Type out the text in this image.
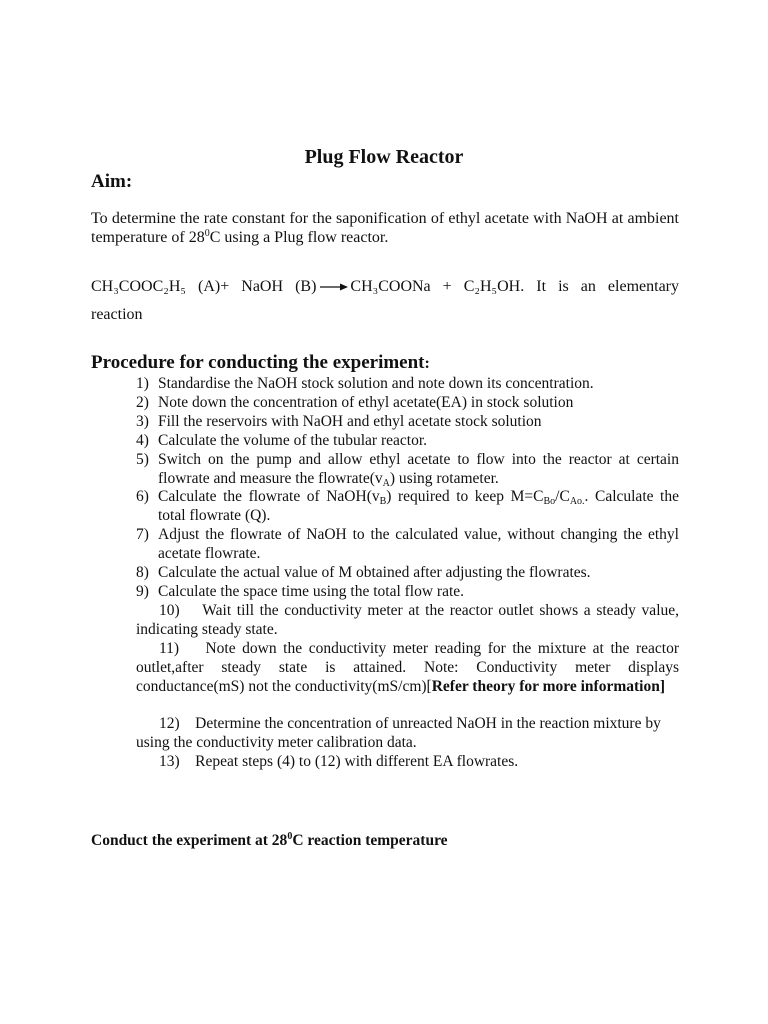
Plug Flow Reactor
Aim:
To determine the rate constant for the saponification of ethyl acetate with NaOH at ambient temperature of $28^0C$ using a Plug flow reactor.
CH₃COOC₂H₅ (A)+ NaOH (B) → CH₃COONa + C₂H₅OH. It is an elementary
reaction
Procedure for conducting the experiment:
1) Standardise the NaOH stock solution and note down its concentration.
2) Note down the concentration of ethyl acetate(EA) in stock solution
3) Fill the reservoirs with NaOH and ethyl acetate stock solution
4) Calculate the volume of the tubular reactor.
5) Switch on the pump and allow ethyl acetate to flow into the reactor at certain flowrate and measure the $flowrate(v_A)$ using rotameter.
6) Calculate the flowrate of $NaOH(v_B)$ required to keep $M=C_{Bo}/C_{Ao.}$. Calculate the total flowrate (Q).
7) Adjust the flowrate of NaOH to the calculated value, without changing the ethyl acetate flowrate.
8) Calculate the actual value of M obtained after adjusting the flowrates.
9) Calculate the space time using the total flow rate.
10) Wait till the conductivity meter at the reactor outlet shows a steady value, indicating steady state.
11) Note down the conductivity meter reading for the mixture at the reactor outlet,after steady state is attained. Note: Conductivity meter displays conductance(mS) not the conductivity(mS/cm)[Refer theory for more information]
12) Determine the concentration of unreacted NaOH in the reaction mixture by using the conductivity meter calibration data.
13) Repeat steps (4) to (12) with different EA flowrates.
Conduct the experiment at $28^0C$ reaction temperature
